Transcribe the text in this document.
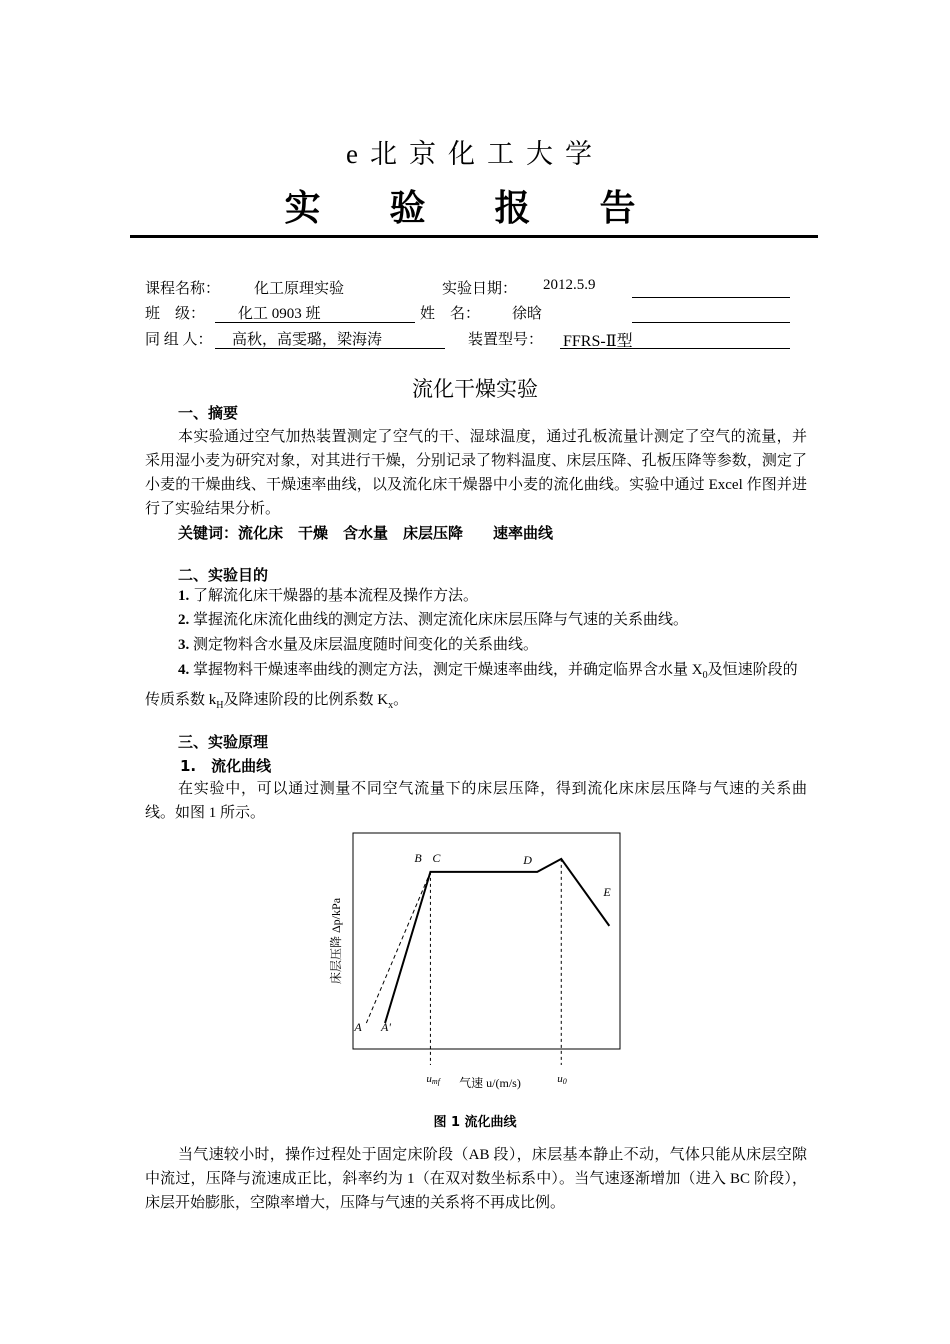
e北京化工大学
实 验 报 告
课程名称： 化工原理实验	实验日期： 2012.5.9
班　级： 化工 0903 班	姓　名： 徐晗
同 组 人： 高秋，高雯璐，梁海涛	装置型号： FFRS-Ⅱ型
流化干燥实验
一、摘要
本实验通过空气加热装置测定了空气的干、湿球温度，通过孔板流量计测定了空气的流量，并采用湿小麦为研究对象，对其进行干燥，分别记录了物料温度、床层压降、孔板压降等参数，测定了小麦的干燥曲线、干燥速率曲线，以及流化床干燥器中小麦的流化曲线。实验中通过 Excel 作图并进行了实验结果分析。
关键词：流化床　干燥　含水量　床层压降　　速率曲线
二、实验目的
1. 了解流化床干燥器的基本流程及操作方法。
2. 掌握流化床流化曲线的测定方法、测定流化床床层压降与气速的关系曲线。
3. 测定物料含水量及床层温度随时间变化的关系曲线。
4. 掌握物料干燥速率曲线的测定方法，测定干燥速率曲线，并确定临界含水量 $X_0$及恒速阶段的传质系数 $k_H$及降速阶段的比例系数 $K_x$。
三、实验原理
1.　流化曲线
在实验中，可以通过测量不同空气流量下的床层压降，得到流化床床层压降与气速的关系曲线。如图 1 所示。
umf	u0
A A'
B C	D
E
床层压降 Δp/kPa
气速 u/(m/s)
图 1 流化曲线
当气速较小时，操作过程处于固定床阶段（AB 段），床层基本静止不动，气体只能从床层空隙中流过，压降与流速成正比，斜率约为 1（在双对数坐标系中）。当气速逐渐增加（进入 BC 阶段），床层开始膨胀，空隙率增大，压降与气速的关系将不再成比例。
